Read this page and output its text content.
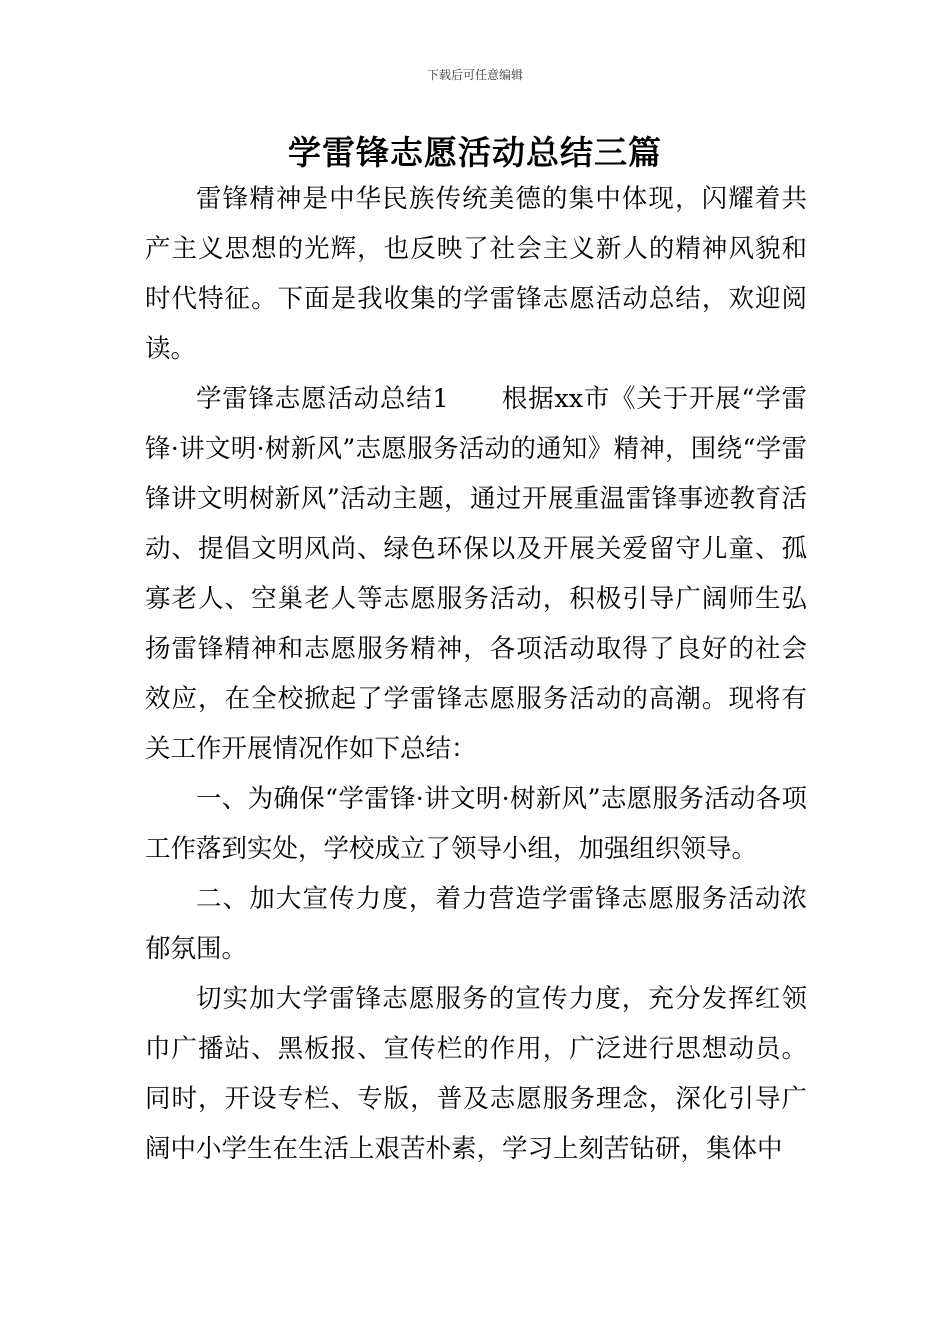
下载后可任意编辑
学雷锋志愿活动总结三篇

雷锋精神是中华民族传统美德的集中体现，闪耀着共产主义思想的光辉，也反映了社会主义新人的精神风貌和时代特征。下面是我收集的学雷锋志愿活动总结，欢迎阅读。

学雷锋志愿活动总结1　　根据xx市《关于开展“学雷锋·讲文明·树新风”志愿服务活动的通知》精神，围绕“学雷锋讲文明树新风”活动主题，通过开展重温雷锋事迹教育活动、提倡文明风尚、绿色环保以及开展关爱留守儿童、孤寡老人、空巢老人等志愿服务活动，积极引导广阔师生弘扬雷锋精神和志愿服务精神，各项活动取得了良好的社会效应，在全校掀起了学雷锋志愿服务活动的高潮。现将有关工作开展情况作如下总结：

一、为确保“学雷锋·讲文明·树新风”志愿服务活动各项工作落到实处，学校成立了领导小组，加强组织领导。

二、加大宣传力度，着力营造学雷锋志愿服务活动浓郁氛围。

切实加大学雷锋志愿服务的宣传力度，充分发挥红领巾广播站、黑板报、宣传栏的作用，广泛进行思想动员。同时，开设专栏、专版，普及志愿服务理念，深化引导广阔中小学生在生活上艰苦朴素，学习上刻苦钻研，集体中
